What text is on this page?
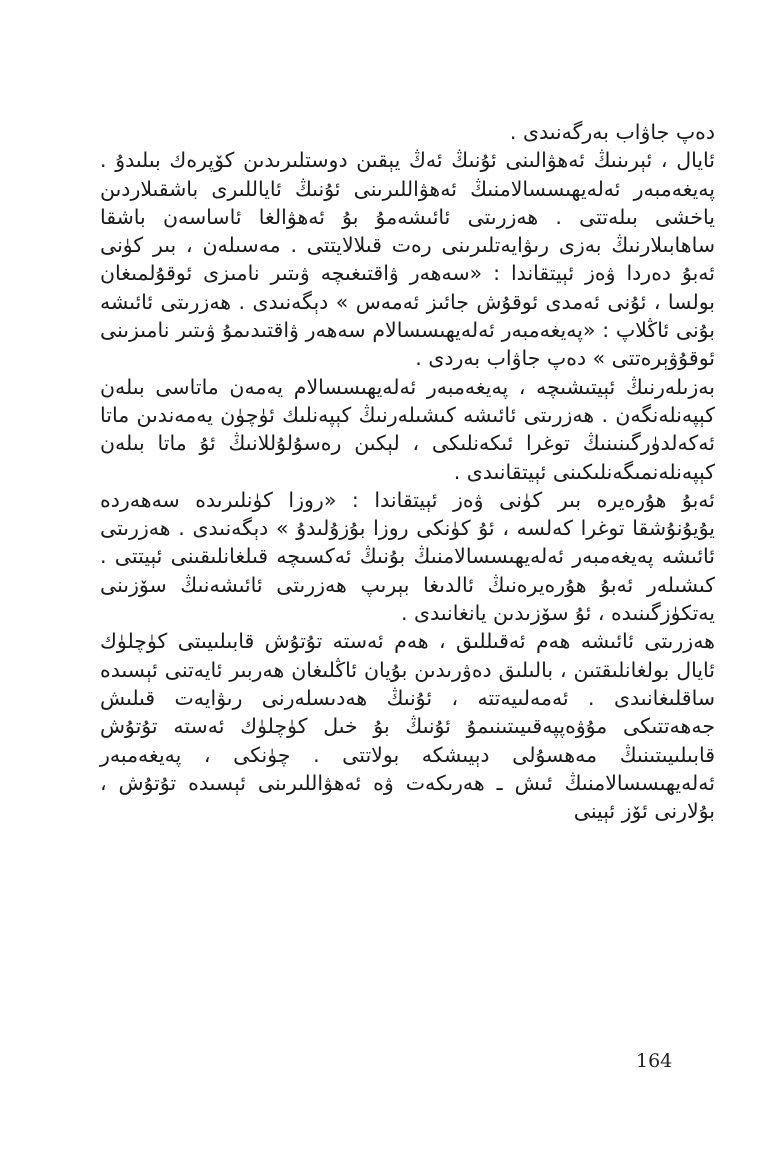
دەپ جاۋاب بەرگەنىدى .

ئايال ، ئېرىنىڭ ئەھۋالىنى ئۇنىڭ ئەڭ يېقىن دوستلىرىدىن كۆپرەك بىلىدۇ . پەيغەمبەر ئەلەيھىسسالامنىڭ ئەھۋاللىرىنى ئۇنىڭ ئاياللىرى باشقىلاردىن ياخشى بىلەتتى . ھەزرىتى ئائىشەمۇ بۇ ئەھۋالغا ئاساسەن باشقا ساھابىلارنىڭ بەزى رىۋايەتلىرىنى رەت قىلالايتتى . مەسىلەن ، بىر كۈنى ئەبۇ دەردا ۋەز ئېيتقاندا : «سەھەر ۋاقتىغىچە ۋىتىر نامىزى ئوقۇلمىغان بولسا ، ئۇنى ئەمدى ئوقۇش جائىز ئەمەس » دېگەنىدى . ھەزرىتى ئائىشە بۇنى ئاڭلاپ : «پەيغەمبەر ئەلەيھىسسالام سەھەر ۋاقتىدىمۇ ۋىتىر نامىزىنى ئوقۇۋېرەتتى » دەپ جاۋاب بەردى .

بەزىلەرنىڭ ئېيتىشىچە ، پەيغەمبەر ئەلەيھىسسالام يەمەن ماتاسى بىلەن كېپەنلەنگەن . ھەزرىتى ئائىشە كىشىلەرنىڭ كېپەنلىك ئۈچۈن يەمەندىن ماتا ئەكەلدۈرگىنىنىڭ توغرا ئىكەنلىكى ، لېكىن رەسۇلۇللانىڭ ئۇ ماتا بىلەن كېپەنلەنمىگەنلىكىنى ئېيتقانىدى .

ئەبۇ ھۇرەيرە بىر كۈنى ۋەز ئېيتقاندا : «روزا كۈنلىرىدە سەھەردە يۇيۇنۇشقا توغرا كەلسە ، ئۇ كۈنكى روزا بۇزۇلىدۇ » دېگەنىدى . ھەزرىتى ئائىشە پەيغەمبەر ئەلەيھىسسالامنىڭ بۇنىڭ ئەكسىچە قىلغانلىقىنى ئېيتتى . كىشىلەر ئەبۇ ھۇرەيرەنىڭ ئالدىغا بېرىپ ھەزرىتى ئائىشەنىڭ سۆزىنى يەتكۈزگىنىدە ، ئۇ سۆزىدىن يانغانىدى .

ھەزرىتى ئائىشە ھەم ئەقىللىق ، ھەم ئەستە تۇتۇش قابىلىيىتى كۈچلۈك ئايال بولغانلىقتىن ، بالىلىق دەۋرىدىن بۇيان ئاڭلىغان ھەربىر ئايەتنى ئېسىدە ساقلىغانىدى . ئەمەلىيەتتە ، ئۇنىڭ ھەدىسلەرنى رىۋايەت قىلىش جەھەتتىكى مۇۋەپپەقىيىتىنىمۇ ئۇنىڭ بۇ خىل كۈچلۈك ئەستە تۇتۇش قابىلىيىتىنىڭ مەھسۇلى دېيىشكە بولاتتى . چۈنكى ، پەيغەمبەر ئەلەيھىسسالامنىڭ ئىش ـ ھەرىكەت ۋە ئەھۋاللىرىنى ئېسىدە تۇتۇش ، بۇلارنى ئۆز ئېينى

164
